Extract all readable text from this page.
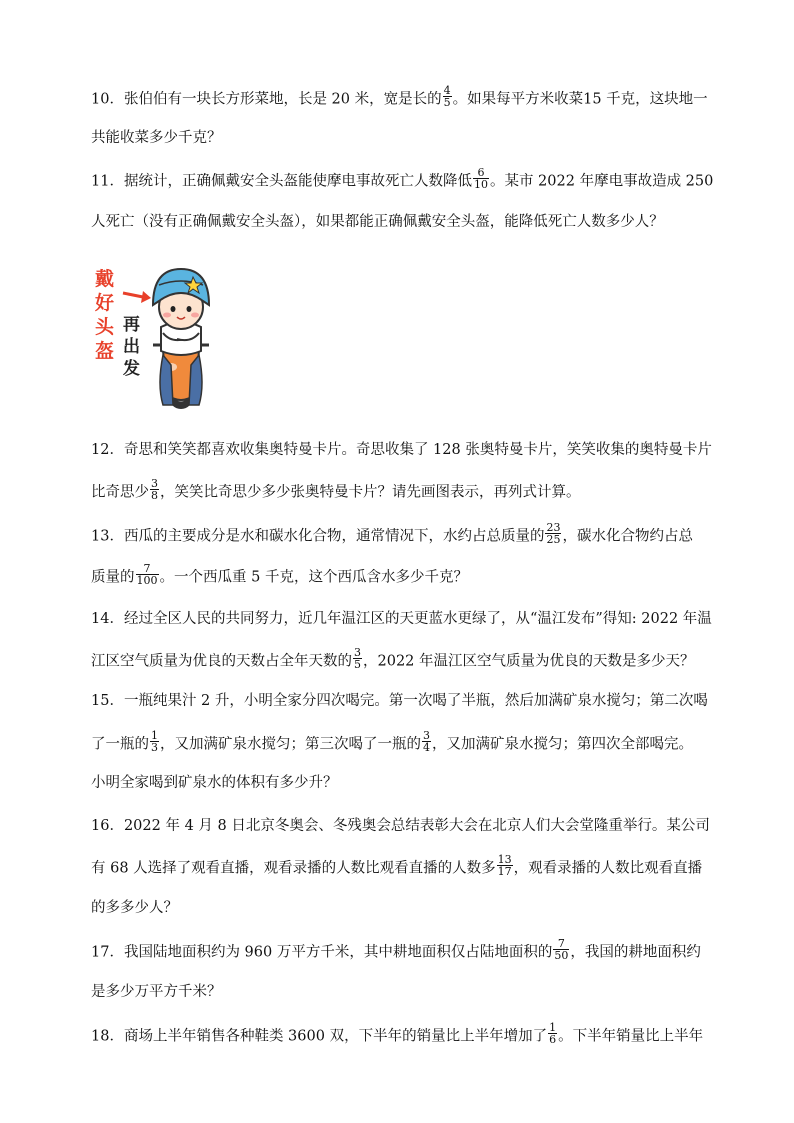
10．张伯伯有一块长方形菜地，长是 20 米，宽是长的 $\frac{4}{5}$ 。如果每平方米收菜15 千克，这块地一
共能收菜多少千克？
11．据统计，正确佩戴安全头盔能使摩电事故死亡人数降低 $\frac{6}{10}$ 。某市 2022 年摩电事故造成 250
人死亡（没有正确佩戴安全头盔），如果都能正确佩戴安全头盔，能降低死亡人数多少人？
戴
好
头
盔
再
出
发
12．奇思和笑笑都喜欢收集奥特曼卡片。奇思收集了 128 张奥特曼卡片，笑笑收集的奥特曼卡片
比奇思少 $\frac{3}{8}$ ，笑笑比奇思少多少张奥特曼卡片？请先画图表示，再列式计算。
13．西瓜的主要成分是水和碳水化合物，通常情况下，水约占总质量的 $\frac{23}{25}$ ，碳水化合物约占总
质量的 $\frac{7}{100}$ 。一个西瓜重 5 千克，这个西瓜含水多少千克？
14．经过全区人民的共同努力，近几年温江区的天更蓝水更绿了，从“温江发布”得知: 2022 年温
江区空气质量为优良的天数占全年天数的 $\frac{3}{5}$ ，2022 年温江区空气质量为优良的天数是多少天？
15．一瓶纯果汁 2 升，小明全家分四次喝完。第一次喝了半瓶，然后加满矿泉水搅匀；第二次喝
了一瓶的 $\frac{1}{3}$ ，又加满矿泉水搅匀；第三次喝了一瓶的 $\frac{3}{4}$ ，又加满矿泉水搅匀；第四次全部喝完。
小明全家喝到矿泉水的体积有多少升？
16．2022 年 4 月 8 日北京冬奥会、冬残奥会总结表彰大会在北京人们大会堂隆重举行。某公司
有 68 人选择了观看直播，观看录播的人数比观看直播的人数多 $\frac{13}{17}$ ，观看录播的人数比观看直播
的多多少人？
17．我国陆地面积约为 960 万平方千米，其中耕地面积仅占陆地面积的 $\frac{7}{50}$ ，我国的耕地面积约
是多少万平方千米？
18．商场上半年销售各种鞋类 3600 双，下半年的销量比上半年增加了 $\frac{1}{6}$ 。下半年销量比上半年
